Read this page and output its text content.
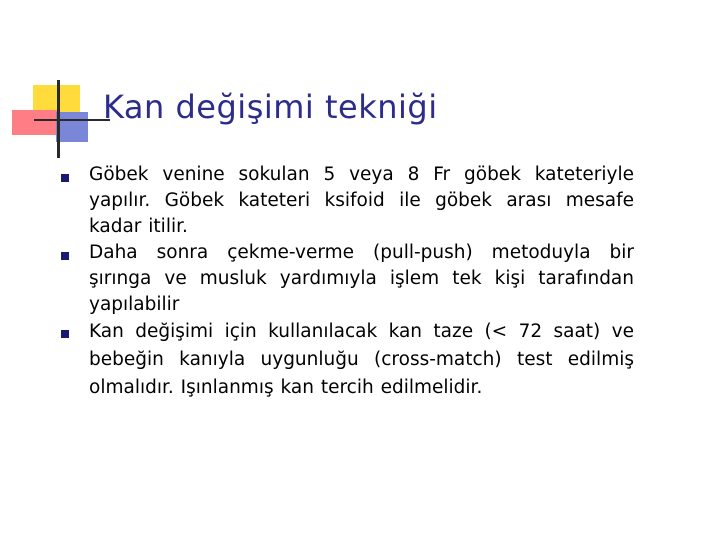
Kan değişimi tekniği
Göbek venine sokulan 5 veya 8 Fr göbek kateteriyle yapılır. Göbek kateteri ksifoid ile göbek arası mesafe kadar itilir.
Daha sonra çekme-verme (pull-push) metoduyla bir şırınga ve musluk yardımıyla işlem tek kişi tarafından yapılabilir
Kan değişimi için kullanılacak kan taze (< 72 saat) ve bebeğin kanıyla uygunluğu (cross-match) test edilmiş olmalıdır. Işınlanmış kan tercih edilmelidir.
